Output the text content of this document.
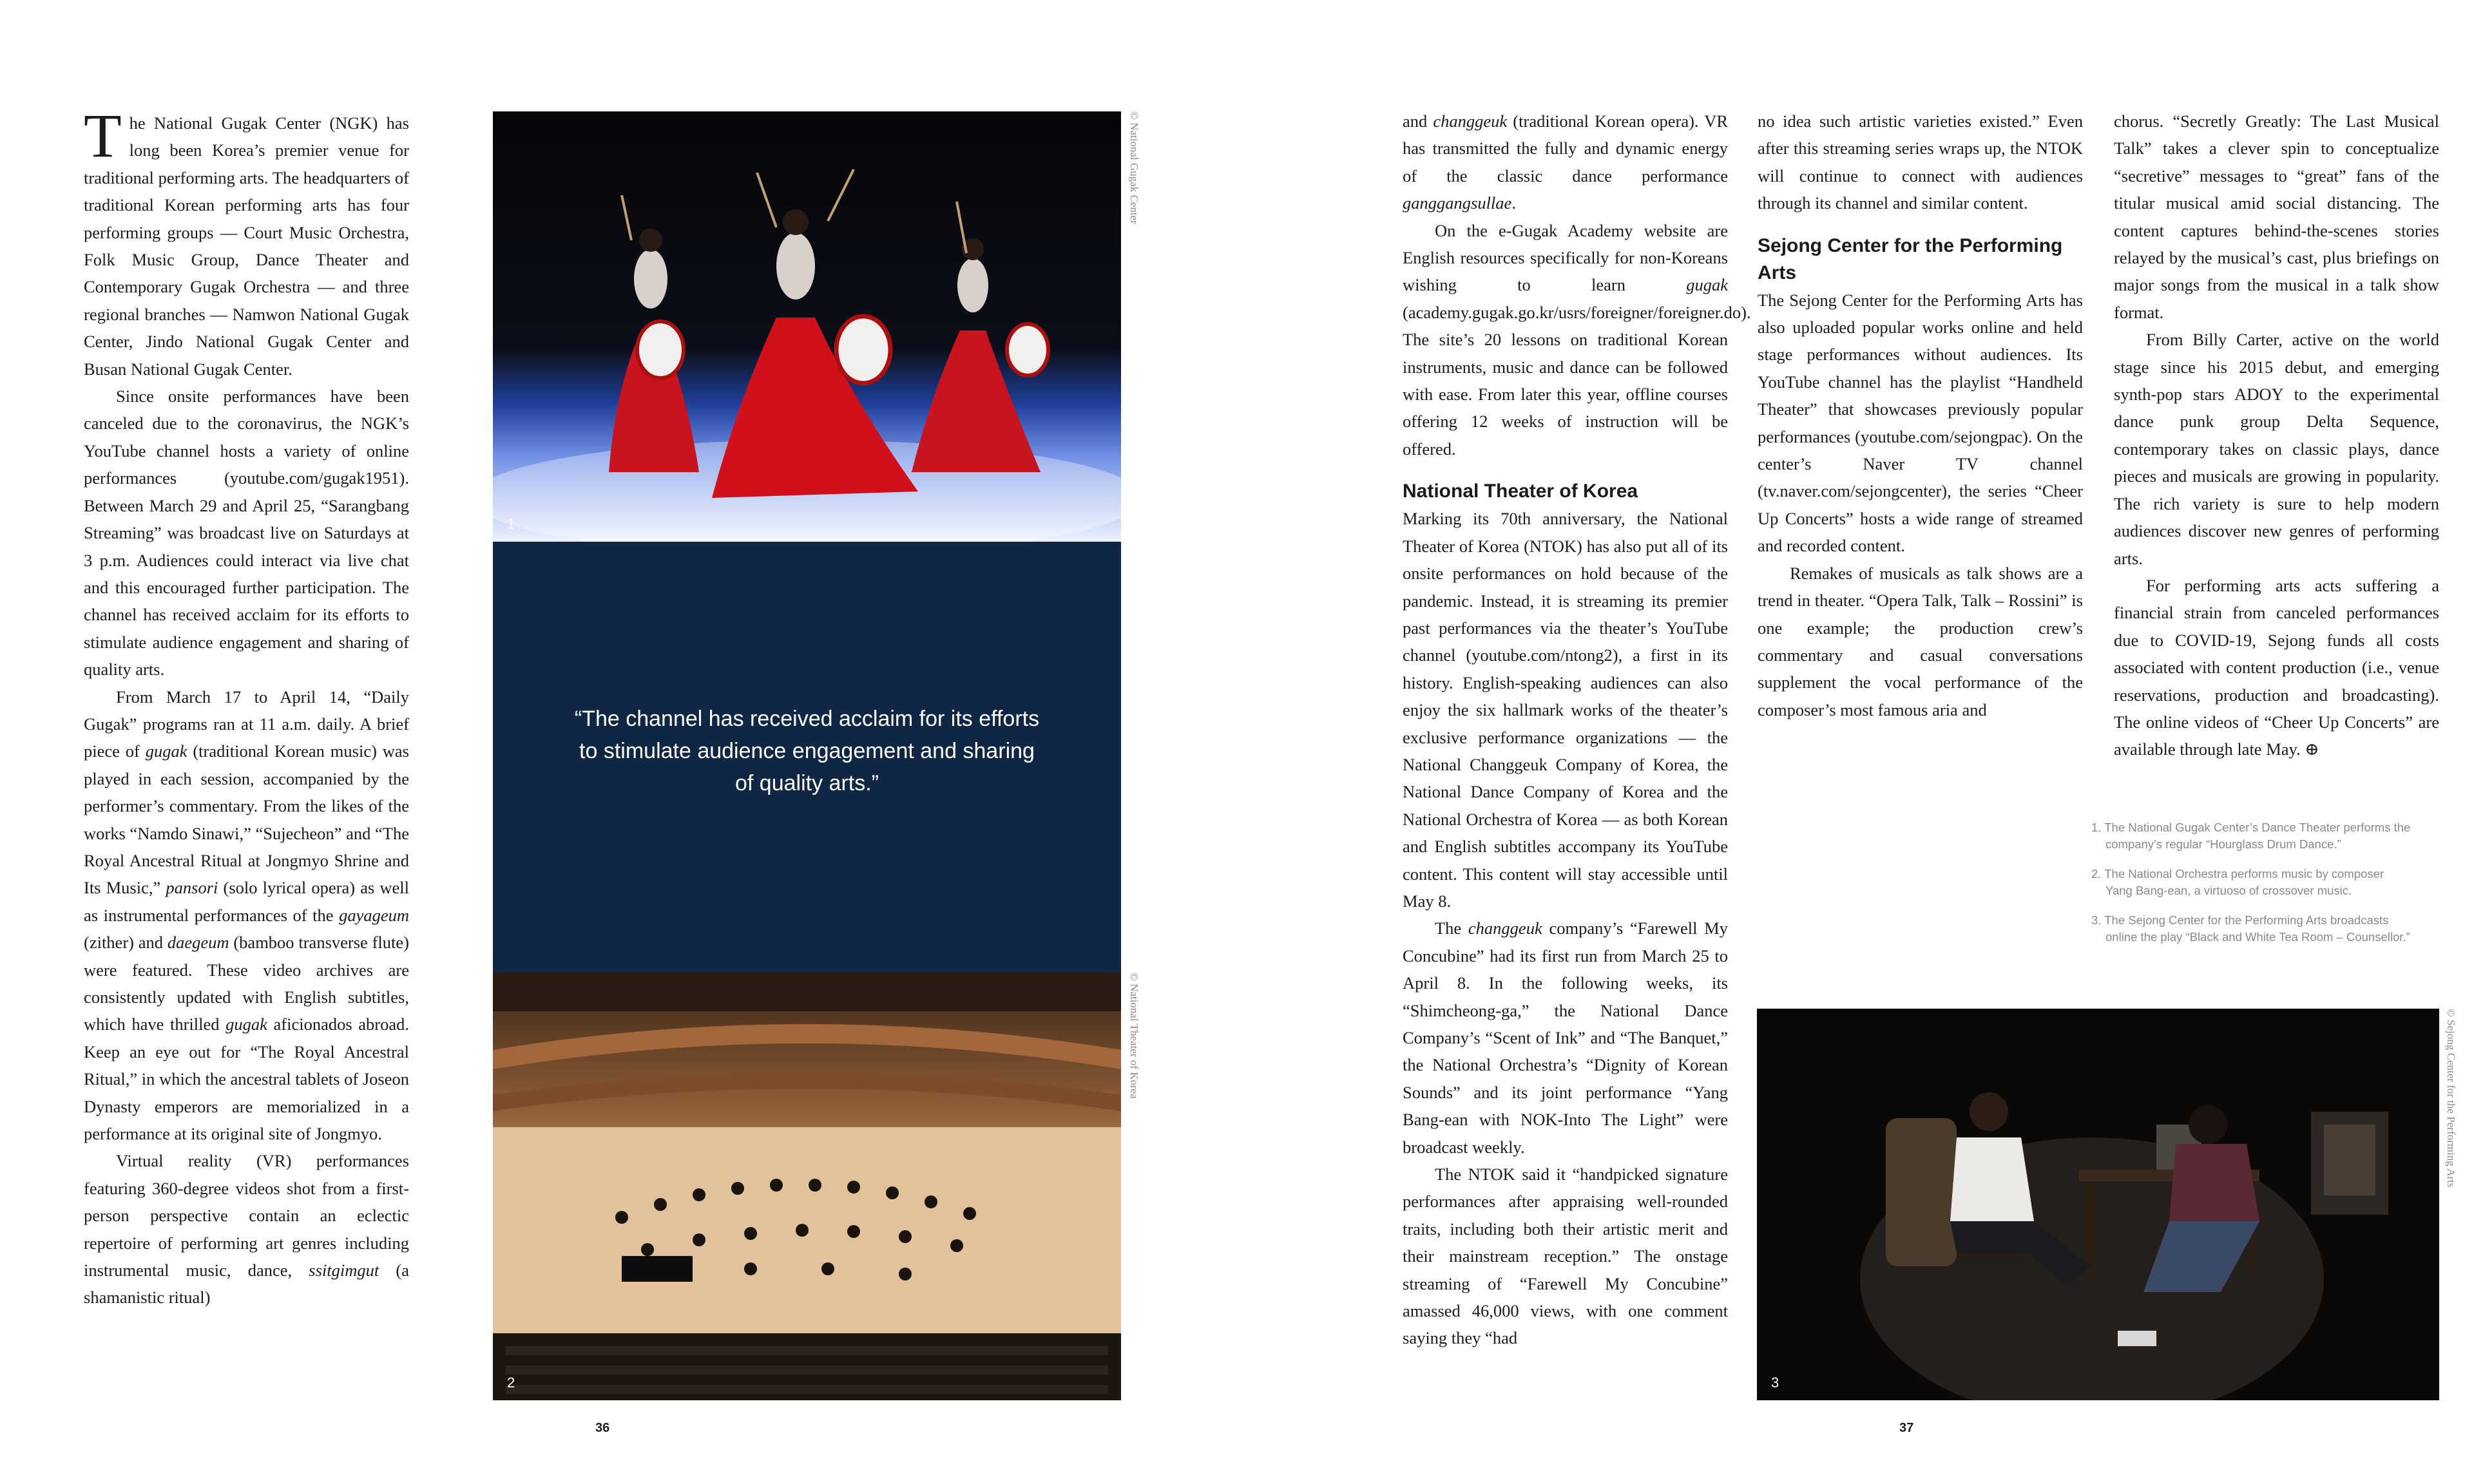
The National Gugak Center (NGK) has long been Korea’s premier venue for traditional performing arts. The headquarters of traditional Korean performing arts has four performing groups — Court Music Orchestra, Folk Music Group, Dance Theater and Contemporary Gugak Orchestra — and three regional branches — Namwon National Gugak Center, Jindo National Gugak Center and Busan National Gugak Center.

Since onsite performances have been canceled due to the coronavirus, the NGK’s YouTube channel hosts a variety of online performances (youtube.com/gugak1951). Between March 29 and April 25, “Sarangbang Streaming” was broadcast live on Saturdays at 3 p.m. Audiences could interact via live chat and this encouraged further participation. The channel has received acclaim for its efforts to stimulate audience engagement and sharing of quality arts.

From March 17 to April 14, “Daily Gugak” programs ran at 11 a.m. daily. A brief piece of gugak (traditional Korean music) was played in each session, accompanied by the performer’s commentary. From the likes of the works “Namdo Sinawi,” “Sujecheon” and “The Royal Ancestral Ritual at Jongmyo Shrine and Its Music,” pansori (solo lyrical opera) as well as instrumental performances of the gayageum (zither) and daegeum (bamboo transverse flute) were featured. These video archives are consistently updated with English subtitles, which have thrilled gugak aficionados abroad. Keep an eye out for “The Royal Ancestral Ritual,” in which the ancestral tablets of Joseon Dynasty emperors are memorialized in a performance at its original site of Jongmyo.

Virtual reality (VR) performances featuring 360-degree videos shot from a first-person perspective contain an eclectic repertoire of performing art genres including instrumental music, dance, ssitgimgut (a shamanistic ritual)

1
© National Gugak Center
“The channel has received acclaim for its efforts to stimulate audience engagement and sharing of quality arts.”
2
© National Theater of Korea
36

and changgeuk (traditional Korean opera). VR has transmitted the fully and dynamic energy of the classic dance performance ganggangsullae.

On the e-Gugak Academy website are English resources specifically for non-Koreans wishing to learn gugak (academy.gugak.go.kr/usrs/foreigner/foreigner.do). The site’s 20 lessons on traditional Korean instruments, music and dance can be followed with ease. From later this year, offline courses offering 12 weeks of instruction will be offered.

National Theater of Korea

Marking its 70th anniversary, the National Theater of Korea (NTOK) has also put all of its onsite performances on hold because of the pandemic. Instead, it is streaming its premier past performances via the theater’s YouTube channel (youtube.com/ntong2), a first in its history. English-speaking audiences can also enjoy the six hallmark works of the theater’s exclusive performance organizations — the National Changgeuk Company of Korea, the National Dance Company of Korea and the National Orchestra of Korea — as both Korean and English subtitles accompany its YouTube content. This content will stay accessible until May 8.

The changgeuk company’s “Farewell My Concubine” had its first run from March 25 to April 8. In the following weeks, its “Shimcheong-ga,” the National Dance Company’s “Scent of Ink” and “The Banquet,” the National Orchestra’s “Dignity of Korean Sounds” and its joint performance “Yang Bang-ean with NOK-Into The Light” were broadcast weekly.

The NTOK said it “handpicked signature performances after appraising well-rounded traits, including both their artistic merit and their mainstream reception.” The onstage streaming of “Farewell My Concubine” amassed 46,000 views, with one comment saying they “had

no idea such artistic varieties existed.” Even after this streaming series wraps up, the NTOK will continue to connect with audiences through its channel and similar content.

Sejong Center for the Performing Arts

The Sejong Center for the Performing Arts has also uploaded popular works online and held stage performances without audiences. Its YouTube channel has the playlist “Handheld Theater” that showcases previously popular performances (youtube.com/sejongpac). On the center’s Naver TV channel (tv.naver.com/sejongcenter), the series “Cheer Up Concerts” hosts a wide range of streamed and recorded content.

Remakes of musicals as talk shows are a trend in theater. “Opera Talk, Talk – Rossini” is one example; the production crew’s commentary and casual conversations supplement the vocal performance of the composer’s most famous aria and

chorus. “Secretly Greatly: The Last Musical Talk” takes a clever spin to conceptualize “secretive” messages to “great” fans of the titular musical amid social distancing. The content captures behind-the-scenes stories relayed by the musical’s cast, plus briefings on major songs from the musical in a talk show format.

From Billy Carter, active on the world stage since his 2015 debut, and emerging synth-pop stars ADOY to the experimental dance punk group Delta Sequence, contemporary takes on classic plays, dance pieces and musicals are growing in popularity. The rich variety is sure to help modern audiences discover new genres of performing arts.

For performing arts acts suffering a financial strain from canceled performances due to COVID-19, Sejong funds all costs associated with content production (i.e., venue reservations, production and broadcasting). The online videos of “Cheer Up Concerts” are available through late May. ⊕

1. The National Gugak Center’s Dance Theater performs the company’s regular “Hourglass Drum Dance.”

2. The National Orchestra performs music by composer Yang Bang-ean, a virtuoso of crossover music.

3. The Sejong Center for the Performing Arts broadcasts online the play “Black and White Tea Room – Counsellor.”

3
© Sejong Center for the Performing Arts
37
